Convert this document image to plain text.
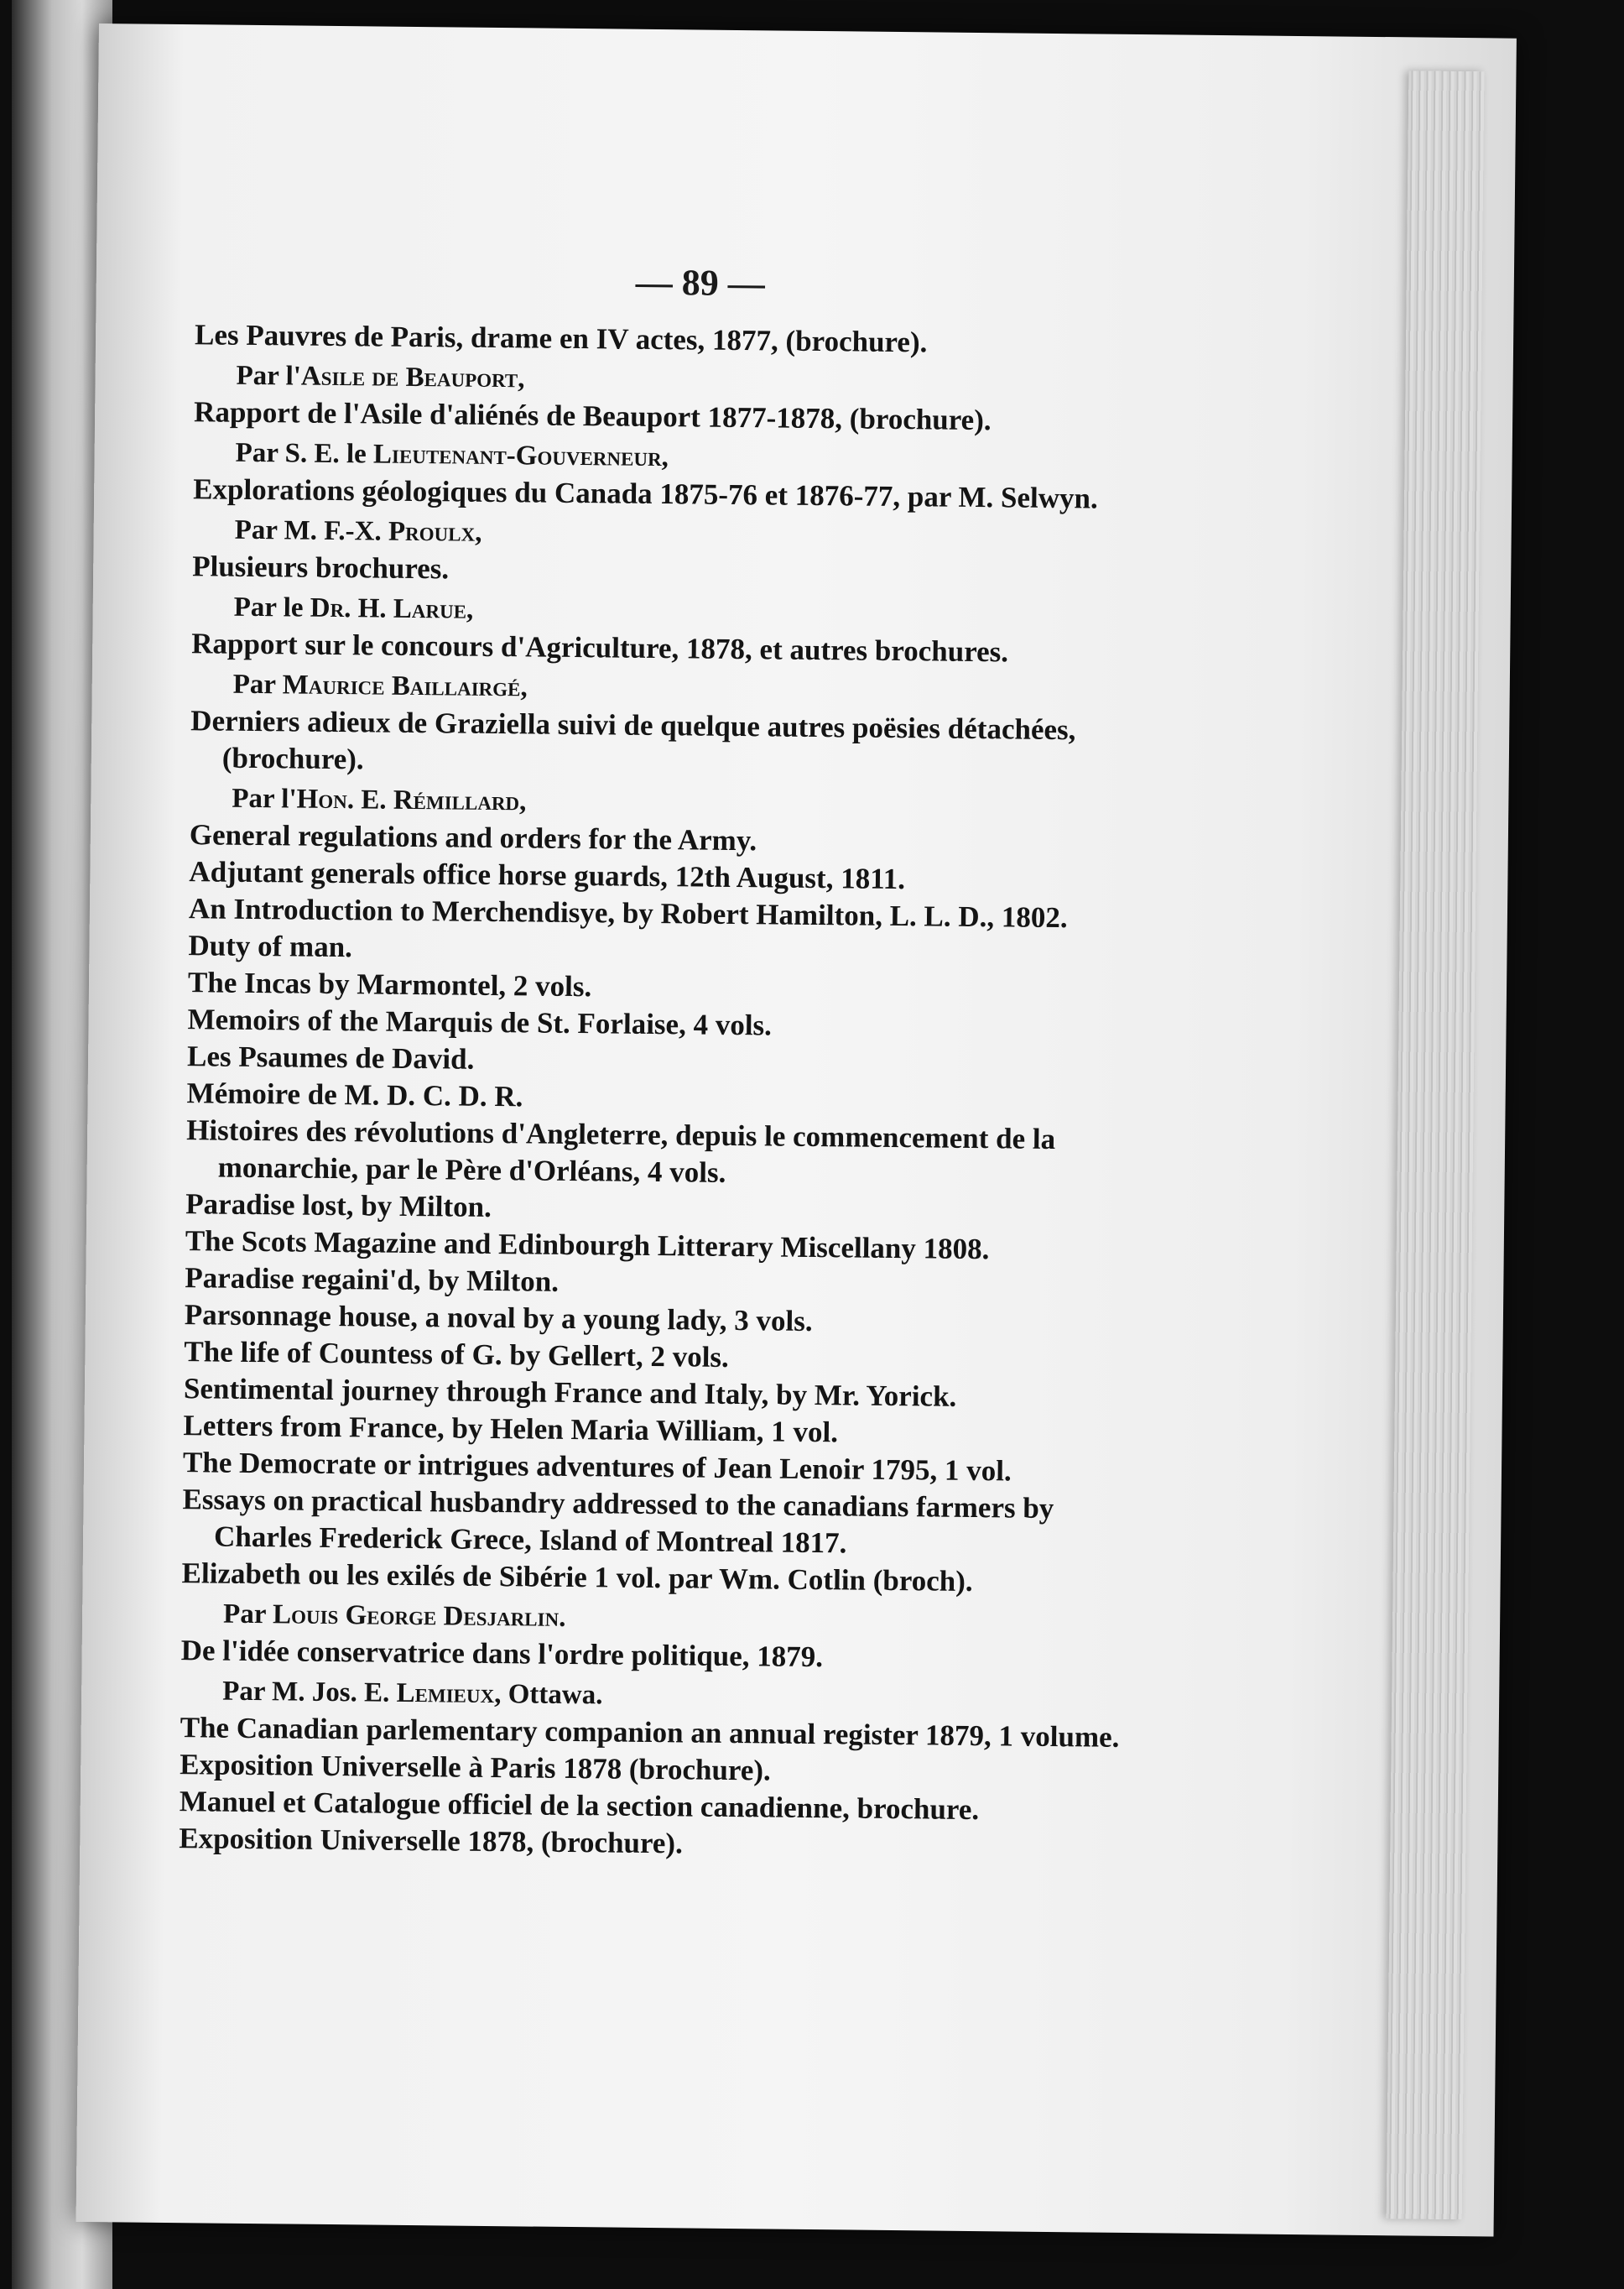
— 89 —
Les Pauvres de Paris, drame en IV actes, 1877, (brochure).
Par l'Asile de Beauport,
Rapport de l'Asile d'aliénés de Beauport 1877-1878, (brochure).
Par S. E. le Lieutenant-Gouverneur,
Explorations géologiques du Canada 1875-76 et 1876-77, par M. Selwyn.
Par M. F.-X. Proulx,
Plusieurs brochures.
Par le Dr. H. Larue,
Rapport sur le concours d'Agriculture, 1878, et autres brochures.
Par Maurice Baillairgé,
Derniers adieux de Graziella suivi de quelque autres poësies détachées, (brochure).
Par l'Hon. E. Rémillard,
General regulations and orders for the Army.
Adjutant generals office horse guards, 12th August, 1811.
An Introduction to Merchendisye, by Robert Hamilton, L. L. D., 1802.
Duty of man.
The Incas by Marmontel, 2 vols.
Memoirs of the Marquis de St. Forlaise, 4 vols.
Les Psaumes de David.
Mémoire de M. D. C. D. R.
Histoires des révolutions d'Angleterre, depuis le commencement de la monarchie, par le Père d'Orléans, 4 vols.
Paradise lost, by Milton.
The Scots Magazine and Edinbourgh Litterary Miscellany 1808.
Paradise regaini'd, by Milton.
Parsonnage house, a noval by a young lady, 3 vols.
The life of Countess of G. by Gellert, 2 vols.
Sentimental journey through France and Italy, by Mr. Yorick.
Letters from France, by Helen Maria William, 1 vol.
The Democrate or intrigues adventures of Jean Lenoir 1795, 1 vol.
Essays on practical husbandry addressed to the canadians farmers by Charles Frederick Grece, Island of Montreal 1817.
Elizabeth ou les exilés de Sibérie 1 vol. par Wm. Cotlin (broch).
Par Louis George Desjarlin.
De l'idée conservatrice dans l'ordre politique, 1879.
Par M. Jos. E. Lemieux, Ottawa.
The Canadian parlementary companion an annual register 1879, 1 volume.
Exposition Universelle à Paris 1878 (brochure).
Manuel et Catalogue officiel de la section canadienne, brochure.
Exposition Universelle 1878, (brochure).
